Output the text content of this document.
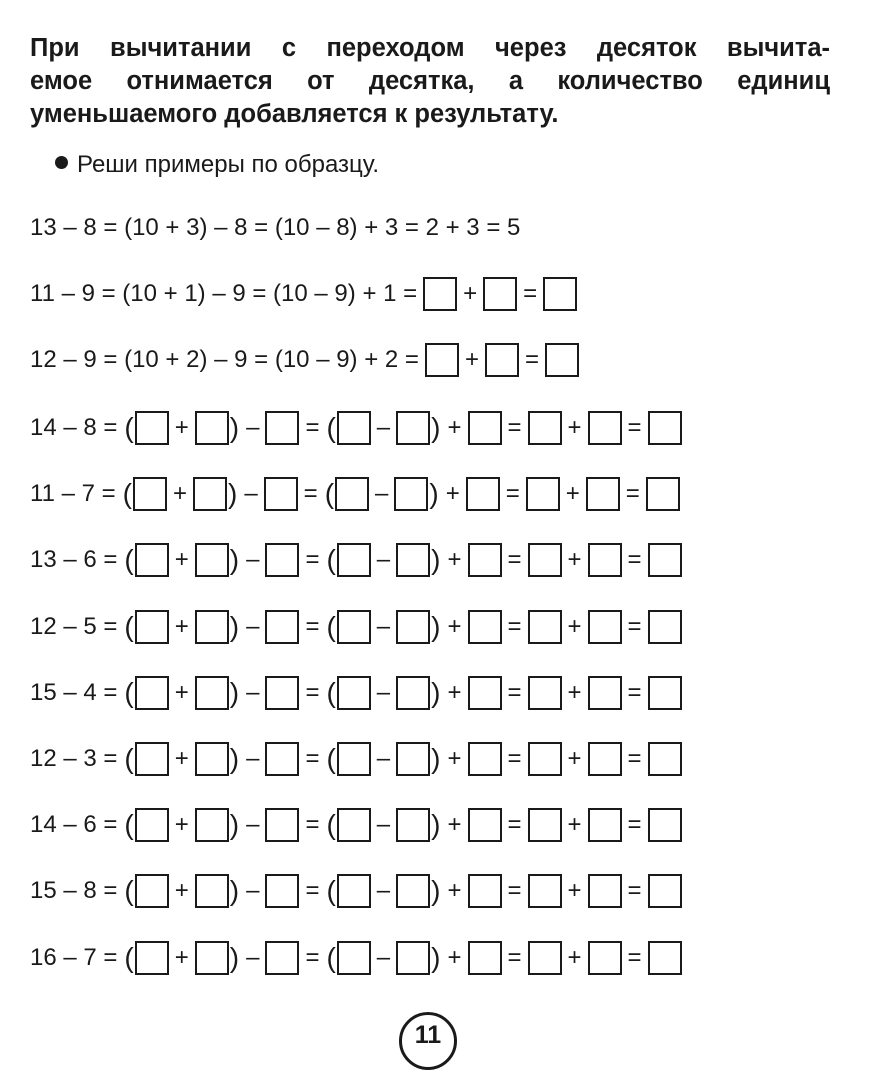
При вычитании с переходом через десяток вычита-
емое отнимается от десятка, а количество единиц
уменьшаемого добавляется к результату.
Реши примеры по образцу.
13 – 8 = (10 + 3) – 8 = (10 – 8) + 3 = 2 + 3 = 5
11 – 9 = (10 + 1) – 9 = (10 – 9) + 1 = + =
12 – 9 = (10 + 2) – 9 = (10 – 9) + 2 = + =
14 – 8 = ( + ) – = ( – ) + = + =
11 – 7 = ( + ) – = ( – ) + = + =
13 – 6 = ( + ) – = ( – ) + = + =
12 – 5 = ( + ) – = ( – ) + = + =
15 – 4 = ( + ) – = ( – ) + = + =
12 – 3 = ( + ) – = ( – ) + = + =
14 – 6 = ( + ) – = ( – ) + = + =
15 – 8 = ( + ) – = ( – ) + = + =
16 – 7 = ( + ) – = ( – ) + = + =
11
